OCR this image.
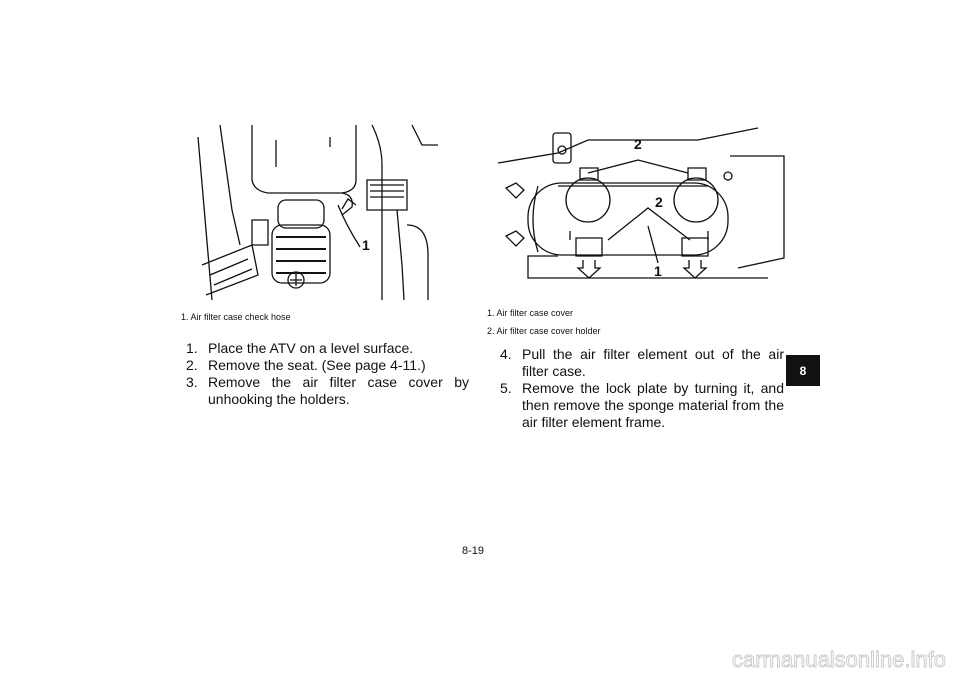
1
2
2
1
1. Air filter case check hose	1. Air filter case cover
2. Air filter case cover holder
1. Place the ATV on a level surface.
2. Remove the seat. (See page 4-11.)
3. Remove the air filter case cover by unhooking the holders.
4. Pull the air filter element out of the air filter case.
5. Remove the lock plate by turning it, and then remove the sponge material from the air filter element frame.
8
8-19
carmanualsonline.info
